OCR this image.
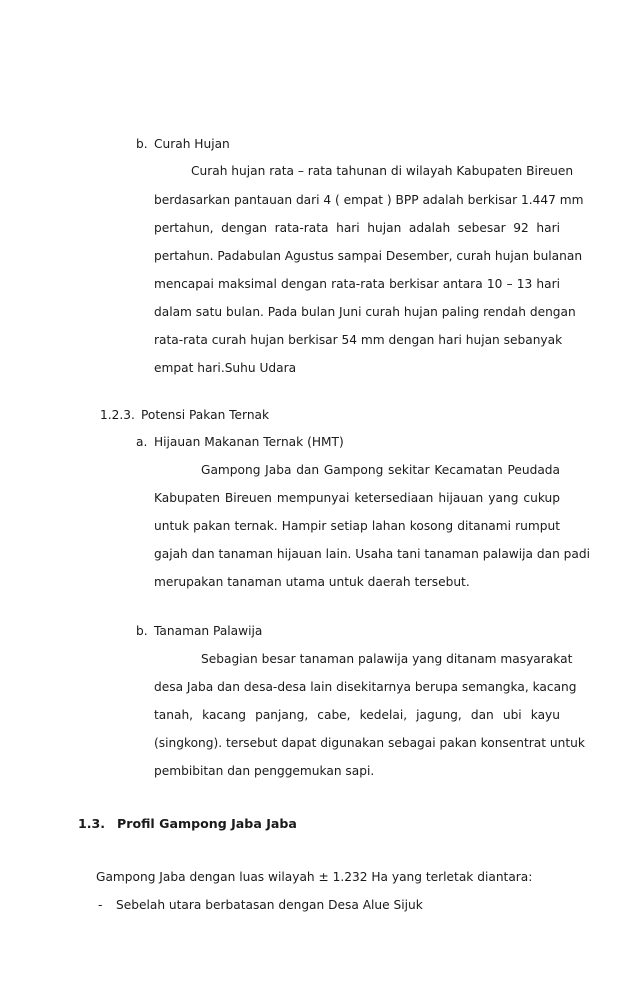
b. Curah Hujan
Curah hujan rata – rata tahunan di wilayah Kabupaten Bireuen
berdasarkan pantauan dari 4 ( empat ) BPP adalah berkisar 1.447 mm
pertahun, dengan rata-rata hari hujan adalah sebesar 92 hari
pertahun. Padabulan Agustus sampai Desember, curah hujan bulanan
mencapai maksimal dengan rata-rata berkisar antara 10 – 13 hari
dalam satu bulan. Pada bulan Juni curah hujan paling rendah dengan
rata-rata curah hujan berkisar 54 mm dengan hari hujan sebanyak
empat hari.Suhu Udara
1.2.3. Potensi Pakan Ternak
a. Hijauan Makanan Ternak (HMT)
Gampong Jaba dan Gampong sekitar Kecamatan Peudada
Kabupaten Bireuen mempunyai ketersediaan hijauan yang cukup
untuk pakan ternak. Hampir setiap lahan kosong ditanami rumput
gajah dan tanaman hijauan lain. Usaha tani tanaman palawija dan padi
merupakan tanaman utama untuk daerah tersebut.
b. Tanaman Palawija
Sebagian besar tanaman palawija yang ditanam masyarakat
desa Jaba dan desa-desa lain disekitarnya berupa semangka, kacang
tanah, kacang panjang, cabe, kedelai, jagung, dan ubi kayu
(singkong). tersebut dapat digunakan sebagai pakan konsentrat untuk
pembibitan dan penggemukan sapi.
1.3. Profil Gampong Jaba Jaba
Gampong Jaba dengan luas wilayah ± 1.232 Ha yang terletak diantara:
- Sebelah utara berbatasan dengan Desa Alue Sijuk
